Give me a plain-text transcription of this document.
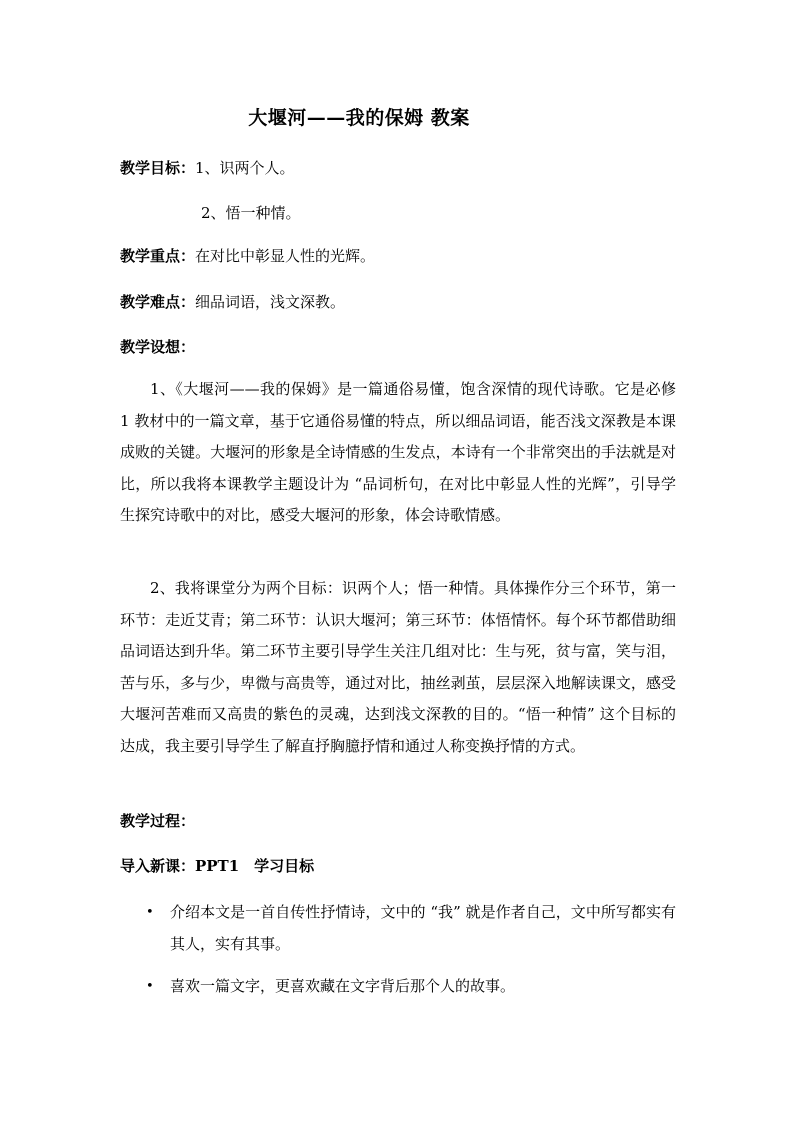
大堰河——我的保姆 教案
教学目标：1、识两个人。
2、悟一种情。
教学重点：在对比中彰显人性的光辉。
教学难点：细品词语，浅文深教。
教学设想：
1、《大堰河——我的保姆》是一篇通俗易懂，饱含深情的现代诗歌。它是必修 1 教材中的一篇文章，基于它通俗易懂的特点，所以细品词语，能否浅文深教是本课成败的关键。大堰河的形象是全诗情感的生发点，本诗有一个非常突出的手法就是对比，所以我将本课教学主题设计为 “品词析句，在对比中彰显人性的光辉”，引导学生探究诗歌中的对比，感受大堰河的形象，体会诗歌情感。
2、我将课堂分为两个目标：识两个人；悟一种情。具体操作分三个环节，第一环节：走近艾青；第二环节：认识大堰河；第三环节：体悟情怀。每个环节都借助细品词语达到升华。第二环节主要引导学生关注几组对比：生与死，贫与富，笑与泪，苦与乐，多与少，卑微与高贵等，通过对比，抽丝剥茧，层层深入地解读课文，感受大堰河苦难而又高贵的紫色的灵魂，达到浅文深教的目的。“悟一种情” 这个目标的达成，我主要引导学生了解直抒胸臆抒情和通过人称变换抒情的方式。
教学过程：
导入新课：PPT1　学习目标
• 介绍本文是一首自传性抒情诗，文中的 “我” 就是作者自己，文中所写都实有其人，实有其事。
• 喜欢一篇文字，更喜欢藏在文字背后那个人的故事。
